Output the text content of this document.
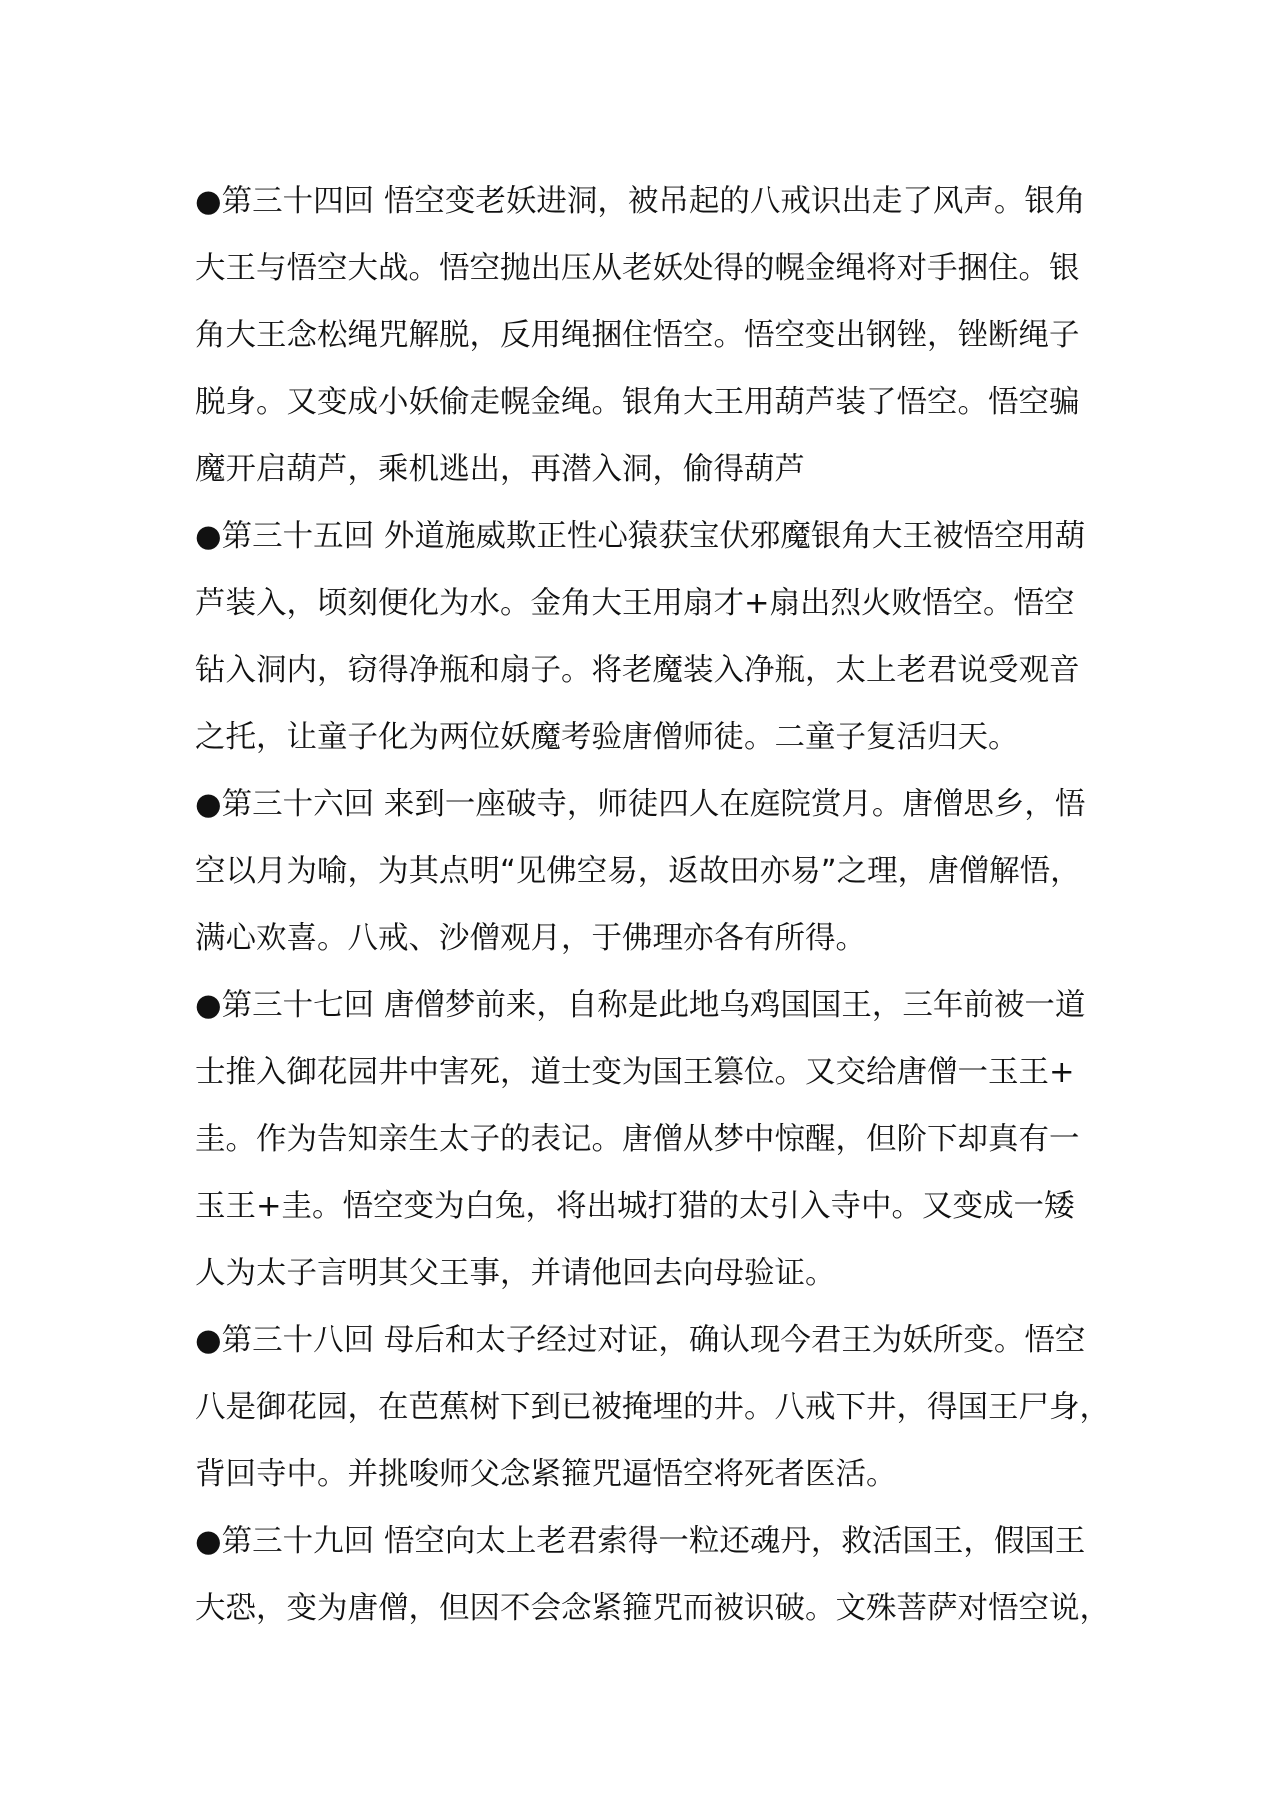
●第三十四回 悟空变老妖进洞，被吊起的八戒识出走了风声。银角
大王与悟空大战。悟空抛出压从老妖处得的幌金绳将对手捆住。银
角大王念松绳咒解脱，反用绳捆住悟空。悟空变出钢锉，锉断绳子
脱身。又变成小妖偷走幌金绳。银角大王用葫芦装了悟空。悟空骗
魔开启葫芦，乘机逃出，再潜入洞，偷得葫芦
●第三十五回 外道施威欺正性心猿获宝伏邪魔银角大王被悟空用葫
芦装入，顷刻便化为水。金角大王用扇才+扇出烈火败悟空。悟空
钻入洞内，窃得净瓶和扇子。将老魔装入净瓶，太上老君说受观音
之托，让童子化为两位妖魔考验唐僧师徒。二童子复活归天。
●第三十六回 来到一座破寺，师徒四人在庭院赏月。唐僧思乡，悟
空以月为喻，为其点明“见佛空易，返故田亦易”之理，唐僧解悟，
满心欢喜。八戒、沙僧观月，于佛理亦各有所得。
●第三十七回 唐僧梦前来，自称是此地乌鸡国国王，三年前被一道
士推入御花园井中害死，道士变为国王篡位。又交给唐僧一玉王+
圭。作为告知亲生太子的表记。唐僧从梦中惊醒，但阶下却真有一
玉王+圭。悟空变为白兔，将出城打猎的太引入寺中。又变成一矮
人为太子言明其父王事，并请他回去向母验证。
●第三十八回 母后和太子经过对证，确认现今君王为妖所变。悟空
八是御花园，在芭蕉树下到已被掩埋的井。八戒下井，得国王尸身，
背回寺中。并挑唆师父念紧箍咒逼悟空将死者医活。
●第三十九回 悟空向太上老君索得一粒还魂丹，救活国王，假国王
大恐，变为唐僧，但因不会念紧箍咒而被识破。文殊菩萨对悟空说，
